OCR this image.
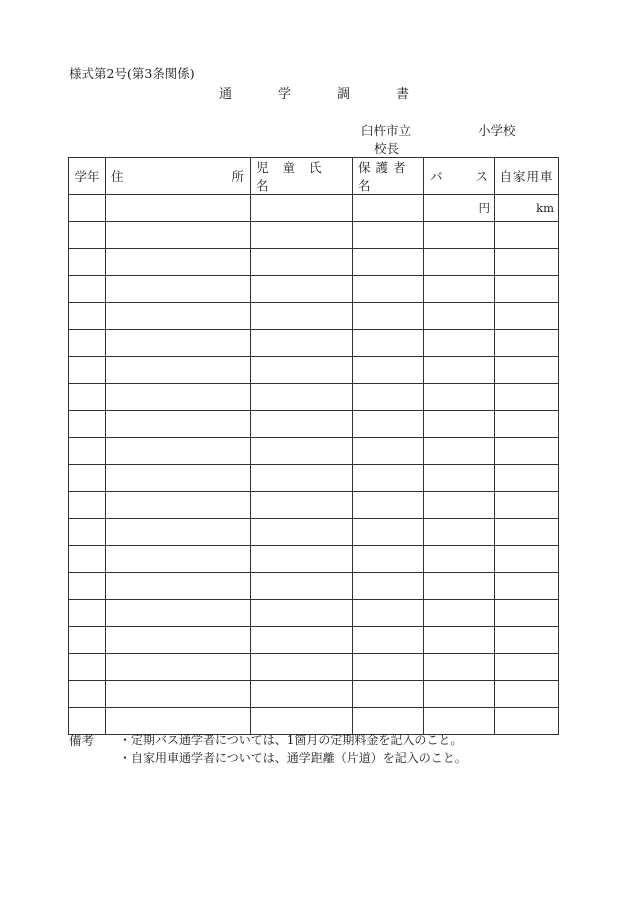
様式第2号(第3条関係)
通学調書
臼杵市立	小学校
校長
学年	住 所	児童氏名	保護者名	バ ス	自家用車
				円	km

備考 ・定期バス通学者については、1箇月の定期料金を記入のこと。
・自家用車通学者については、通学距離（片道）を記入のこと。
